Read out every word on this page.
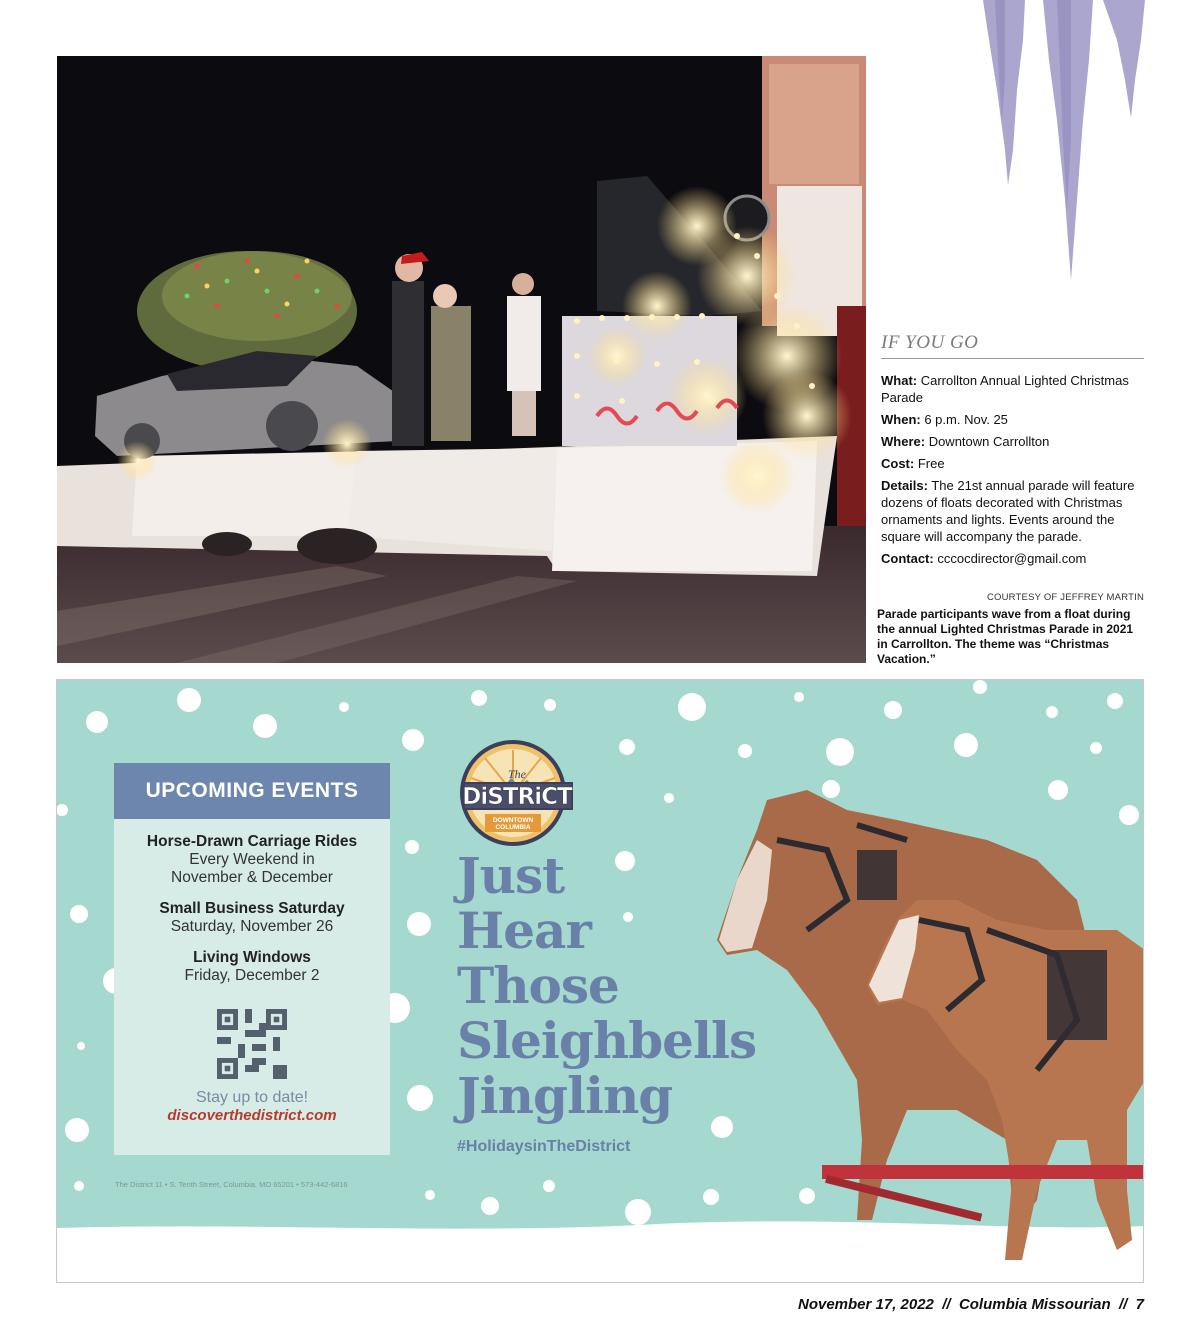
IF YOU GO
What: Carrollton Annual Lighted Christmas Parade
When: 6 p.m. Nov. 25
Where: Downtown Carrollton
Cost: Free
Details: The 21st annual parade will feature dozens of floats decorated with Christmas ornaments and lights. Events around the square will accompany the parade.
Contact: cccocdirector@gmail.com
COURTESY OF JEFFREY MARTIN
Parade participants wave from a float during the annual Lighted Christmas Parade in 2021 in Carrollton. The theme was “Christmas Vacation.”
UPCOMING EVENTS
Horse-Drawn Carriage Rides
Every Weekend in
November & December
Small Business Saturday
Saturday, November 26
Living Windows
Friday, December 2
Stay up to date!
discoverthedistrict.com
The District 11 • S. Tenth Street, Columbia, MO 65201 • 573-442-6816
The
DiSTRiCT
DOWNTOWN
COLUMBIA
Just
Hear
Those
Sleighbells
Jingling
#HolidaysinTheDistrict
November 17, 2022 // Columbia Missourian // 7
